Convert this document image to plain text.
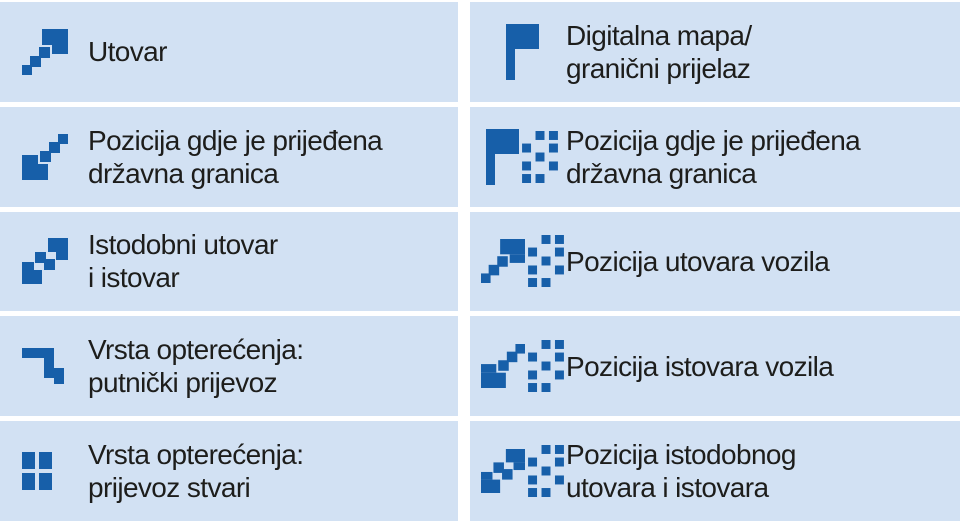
Utovar
Digitalna mapa/
granični prijelaz
Pozicija gdje je prijeđena
državna granica
Pozicija gdje je prijeđena
državna granica
Istodobni utovar
i istovar
Pozicija utovara vozila
Vrsta opterećenja:
putnički prijevoz
Pozicija istovara vozila
Vrsta opterećenja:
prijevoz stvari
Pozicija istodobnog
utovara i istovara
